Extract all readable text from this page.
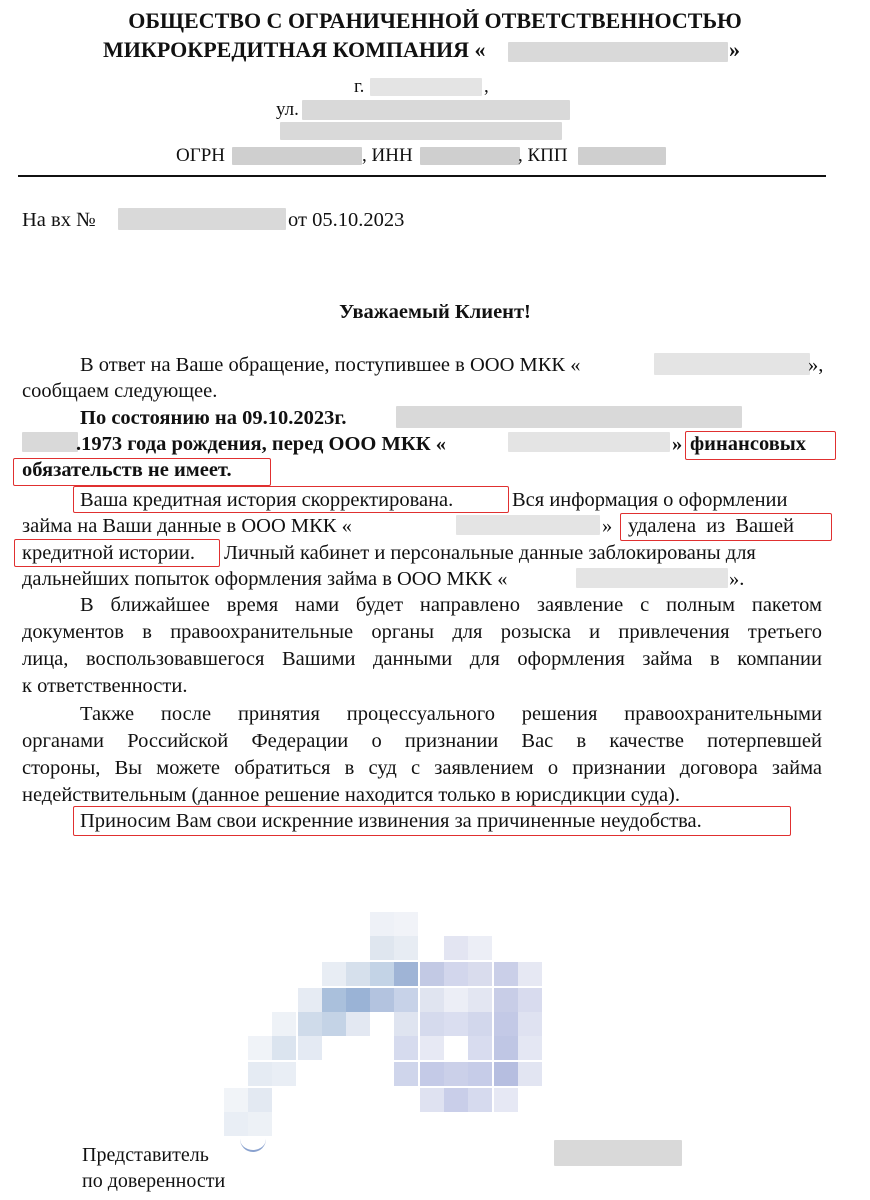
ОБЩЕСТВО С ОГРАНИЧЕННОЙ ОТВЕТСТВЕННОСТЬЮ
МИКРОКРЕДИТНАЯ КОМПАНИЯ «	»
г.	,
ул.
ОГРН	, ИНН	, КПП
На вх №	от 05.10.2023
Уважаемый Клиент!
В ответ на Ваше обращение, поступившее в ООО МКК «	»,
сообщаем следующее.
По состоянию на 09.10.2023г.
.1973 года рождения, перед ООО МКК «	» финансовых
обязательств не имеет.
Ваша кредитная история скорректирована.	Вся информация о оформлении
займа на Ваши данные в ООО МКК «	» удалена из Вашей
кредитной истории. Личный кабинет и персональные данные заблокированы для
дальнейших попыток оформления займа в ООО МКК «	».
В ближайшее время нами будет направлено заявление с полным пакетом
документов в правоохранительные органы для розыска и привлечения третьего
лица, воспользовавшегося Вашими данными для оформления займа в компании
к ответственности.
Также после принятия процессуального решения правоохранительными
органами Российской Федерации о признании Вас в качестве потерпевшей
стороны, Вы можете обратиться в суд с заявлением о признании договора займа
недействительным (данное решение находится только в юрисдикции суда).
Приносим Вам свои искренние извинения за причиненные неудобства.
Представитель
по доверенности
